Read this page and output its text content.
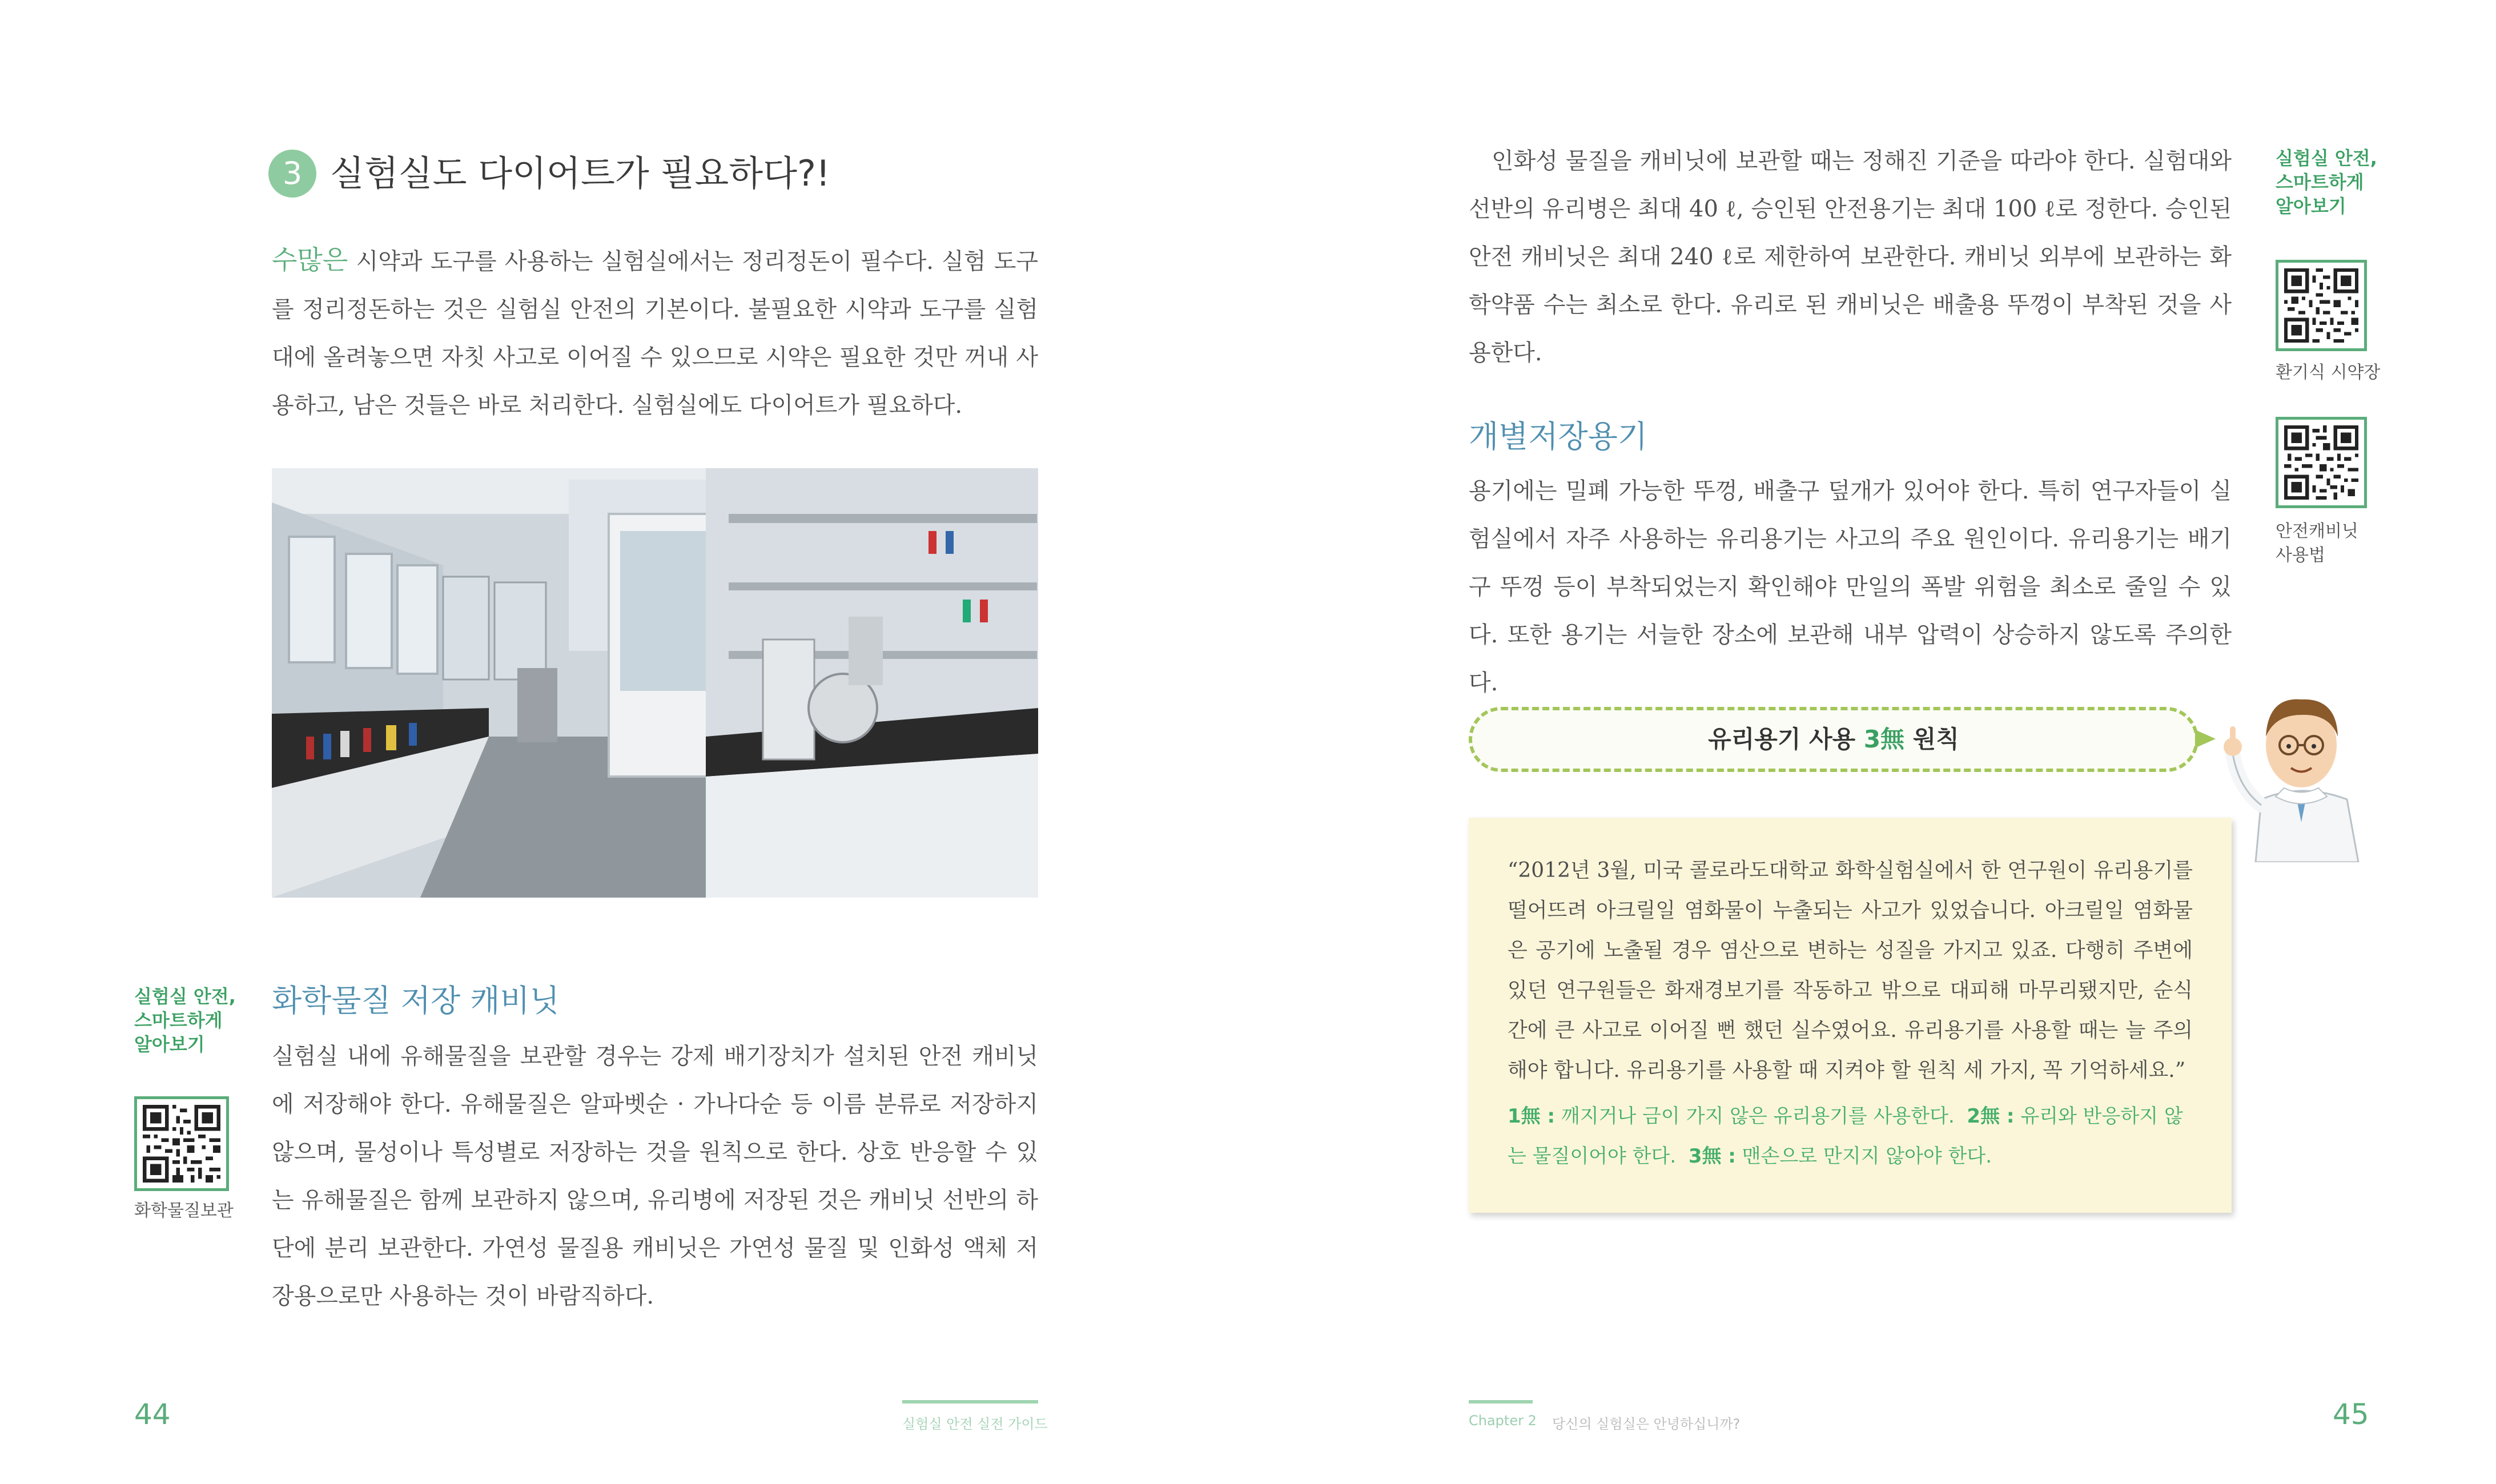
3 실험실도 다이어트가 필요하다?!
수많은 시약과 도구를 사용하는 실험실에서는 정리정돈이 필수다. 실험 도구를 정리정돈하는 것은 실험실 안전의 기본이다. 불필요한 시약과 도구를 실험대에 올려놓으면 자칫 사고로 이어질 수 있으므로 시약은 필요한 것만 꺼내 사용하고, 남은 것들은 바로 처리한다. 실험실에도 다이어트가 필요하다.
화학물질 저장 캐비닛
실험실 내에 유해물질을 보관할 경우는 강제 배기장치가 설치된 안전 캐비닛에 저장해야 한다. 유해물질은 알파벳순 · 가나다순 등 이름 분류로 저장하지 않으며, 물성이나 특성별로 저장하는 것을 원칙으로 한다. 상호 반응할 수 있는 유해물질은 함께 보관하지 않으며, 유리병에 저장된 것은 캐비닛 선반의 하단에 분리 보관한다. 가연성 물질용 캐비닛은 가연성 물질 및 인화성 액체 저장용으로만 사용하는 것이 바람직하다.
실험실 안전,
스마트하게
알아보기
화학물질보관
44	실험실 안전 실전 가이드
인화성 물질을 캐비닛에 보관할 때는 정해진 기준을 따라야 한다. 실험대와 선반의 유리병은 최대 40 ℓ, 승인된 안전용기는 최대 100 ℓ로 정한다. 승인된 안전 캐비닛은 최대 240 ℓ로 제한하여 보관한다. 캐비닛 외부에 보관하는 화학약품 수는 최소로 한다. 유리로 된 캐비닛은 배출용 뚜껑이 부착된 것을 사용한다.
개별저장용기
용기에는 밀폐 가능한 뚜껑, 배출구 덮개가 있어야 한다. 특히 연구자들이 실험실에서 자주 사용하는 유리용기는 사고의 주요 원인이다. 유리용기는 배기구 뚜껑 등이 부착되었는지 확인해야 만일의 폭발 위험을 최소로 줄일 수 있다. 또한 용기는 서늘한 장소에 보관해 내부 압력이 상승하지 않도록 주의한다.
실험실 안전,
스마트하게
알아보기
환기식 시약장
안전캐비닛
사용법
유리용기 사용 3無 원칙
“2012년 3월, 미국 콜로라도대학교 화학실험실에서 한 연구원이 유리용기를 떨어뜨려 아크릴일 염화물이 누출되는 사고가 있었습니다. 아크릴일 염화물은 공기에 노출될 경우 염산으로 변하는 성질을 가지고 있죠. 다행히 주변에 있던 연구원들은 화재경보기를 작동하고 밖으로 대피해 마무리됐지만, 순식간에 큰 사고로 이어질 뻔 했던 실수였어요. 유리용기를 사용할 때는 늘 주의해야 합니다. 유리용기를 사용할 때 지켜야 할 원칙 세 가지, 꼭 기억하세요.”
1無 : 깨지거나 금이 가지 않은 유리용기를 사용한다. 2無 : 유리와 반응하지 않는 물질이어야 한다. 3無 : 맨손으로 만지지 않아야 한다.
Chapter 2 당신의 실험실은 안녕하십니까?	45
